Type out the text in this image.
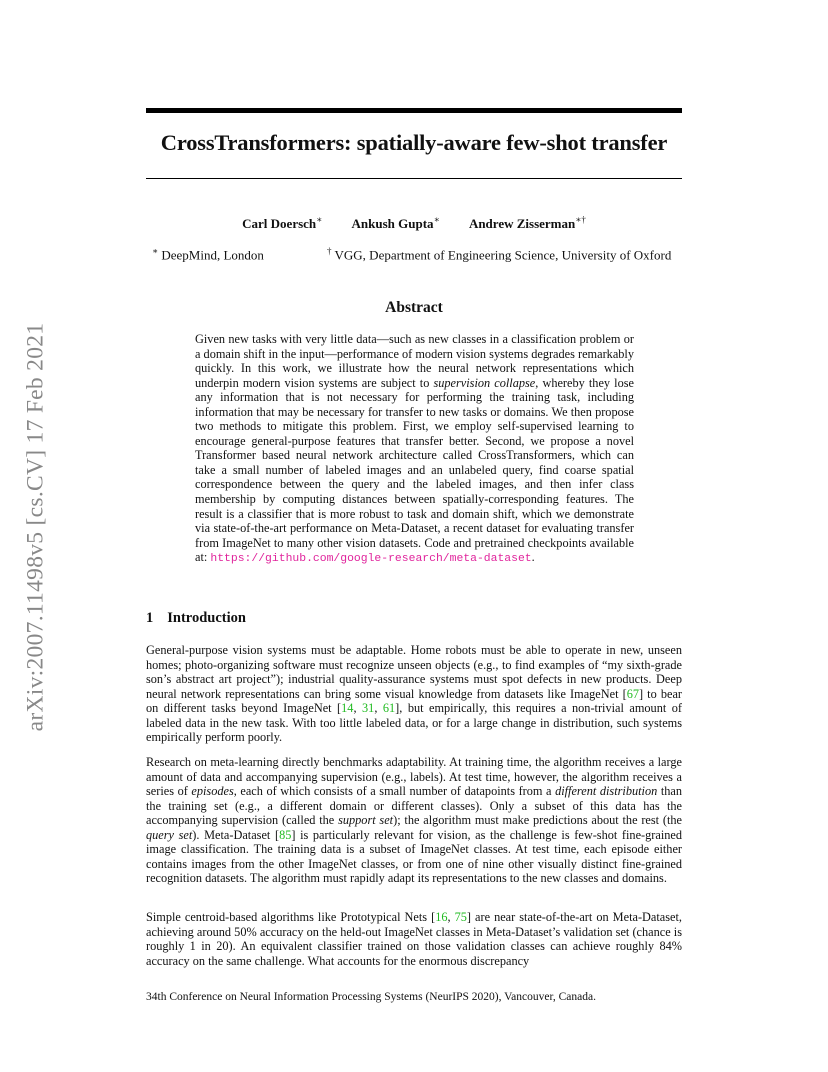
arXiv:2007.11498v5 [cs.CV] 17 Feb 2021
CrossTransformers: spatially-aware few-shot transfer
Carl Doersch∗ Ankush Gupta∗ Andrew Zisserman∗†
∗ DeepMind, London	† VGG, Department of Engineering Science, University of Oxford
Abstract
Given new tasks with very little data—such as new classes in a classification problem or a domain shift in the input—performance of modern vision systems degrades remarkably quickly. In this work, we illustrate how the neural network representations which underpin modern vision systems are subject to supervision collapse, whereby they lose any information that is not necessary for performing the training task, including information that may be necessary for transfer to new tasks or domains. We then propose two methods to mitigate this problem. First, we employ self-supervised learning to encourage general-purpose features that transfer better. Second, we propose a novel Transformer based neural network architecture called CrossTransformers, which can take a small number of labeled images and an unlabeled query, find coarse spatial correspondence between the query and the labeled images, and then infer class membership by computing distances between spatially-corresponding features. The result is a classifier that is more robust to task and domain shift, which we demonstrate via state-of-the-art performance on Meta-Dataset, a recent dataset for evaluating transfer from ImageNet to many other vision datasets. Code and pretrained checkpoints available at: https://github.com/google-research/meta-dataset.
1 Introduction
General-purpose vision systems must be adaptable. Home robots must be able to operate in new, unseen homes; photo-organizing software must recognize unseen objects (e.g., to find examples of “my sixth-grade son’s abstract art project”); industrial quality-assurance systems must spot defects in new products. Deep neural network representations can bring some visual knowledge from datasets like ImageNet [67] to bear on different tasks beyond ImageNet [14, 31, 61], but empirically, this requires a non-trivial amount of labeled data in the new task. With too little labeled data, or for a large change in distribution, such systems empirically perform poorly.
Research on meta-learning directly benchmarks adaptability. At training time, the algorithm receives a large amount of data and accompanying supervision (e.g., labels). At test time, however, the algorithm receives a series of episodes, each of which consists of a small number of datapoints from a different distribution than the training set (e.g., a different domain or different classes). Only a subset of this data has the accompanying supervision (called the support set); the algorithm must make predictions about the rest (the query set). Meta-Dataset [85] is particularly relevant for vision, as the challenge is few-shot fine-grained image classification. The training data is a subset of ImageNet classes. At test time, each episode either contains images from the other ImageNet classes, or from one of nine other visually distinct fine-grained recognition datasets. The algorithm must rapidly adapt its representations to the new classes and domains.
Simple centroid-based algorithms like Prototypical Nets [16, 75] are near state-of-the-art on Meta-Dataset, achieving around 50% accuracy on the held-out ImageNet classes in Meta-Dataset’s validation set (chance is roughly 1 in 20). An equivalent classifier trained on those validation classes can achieve roughly 84% accuracy on the same challenge. What accounts for the enormous discrepancy
34th Conference on Neural Information Processing Systems (NeurIPS 2020), Vancouver, Canada.
